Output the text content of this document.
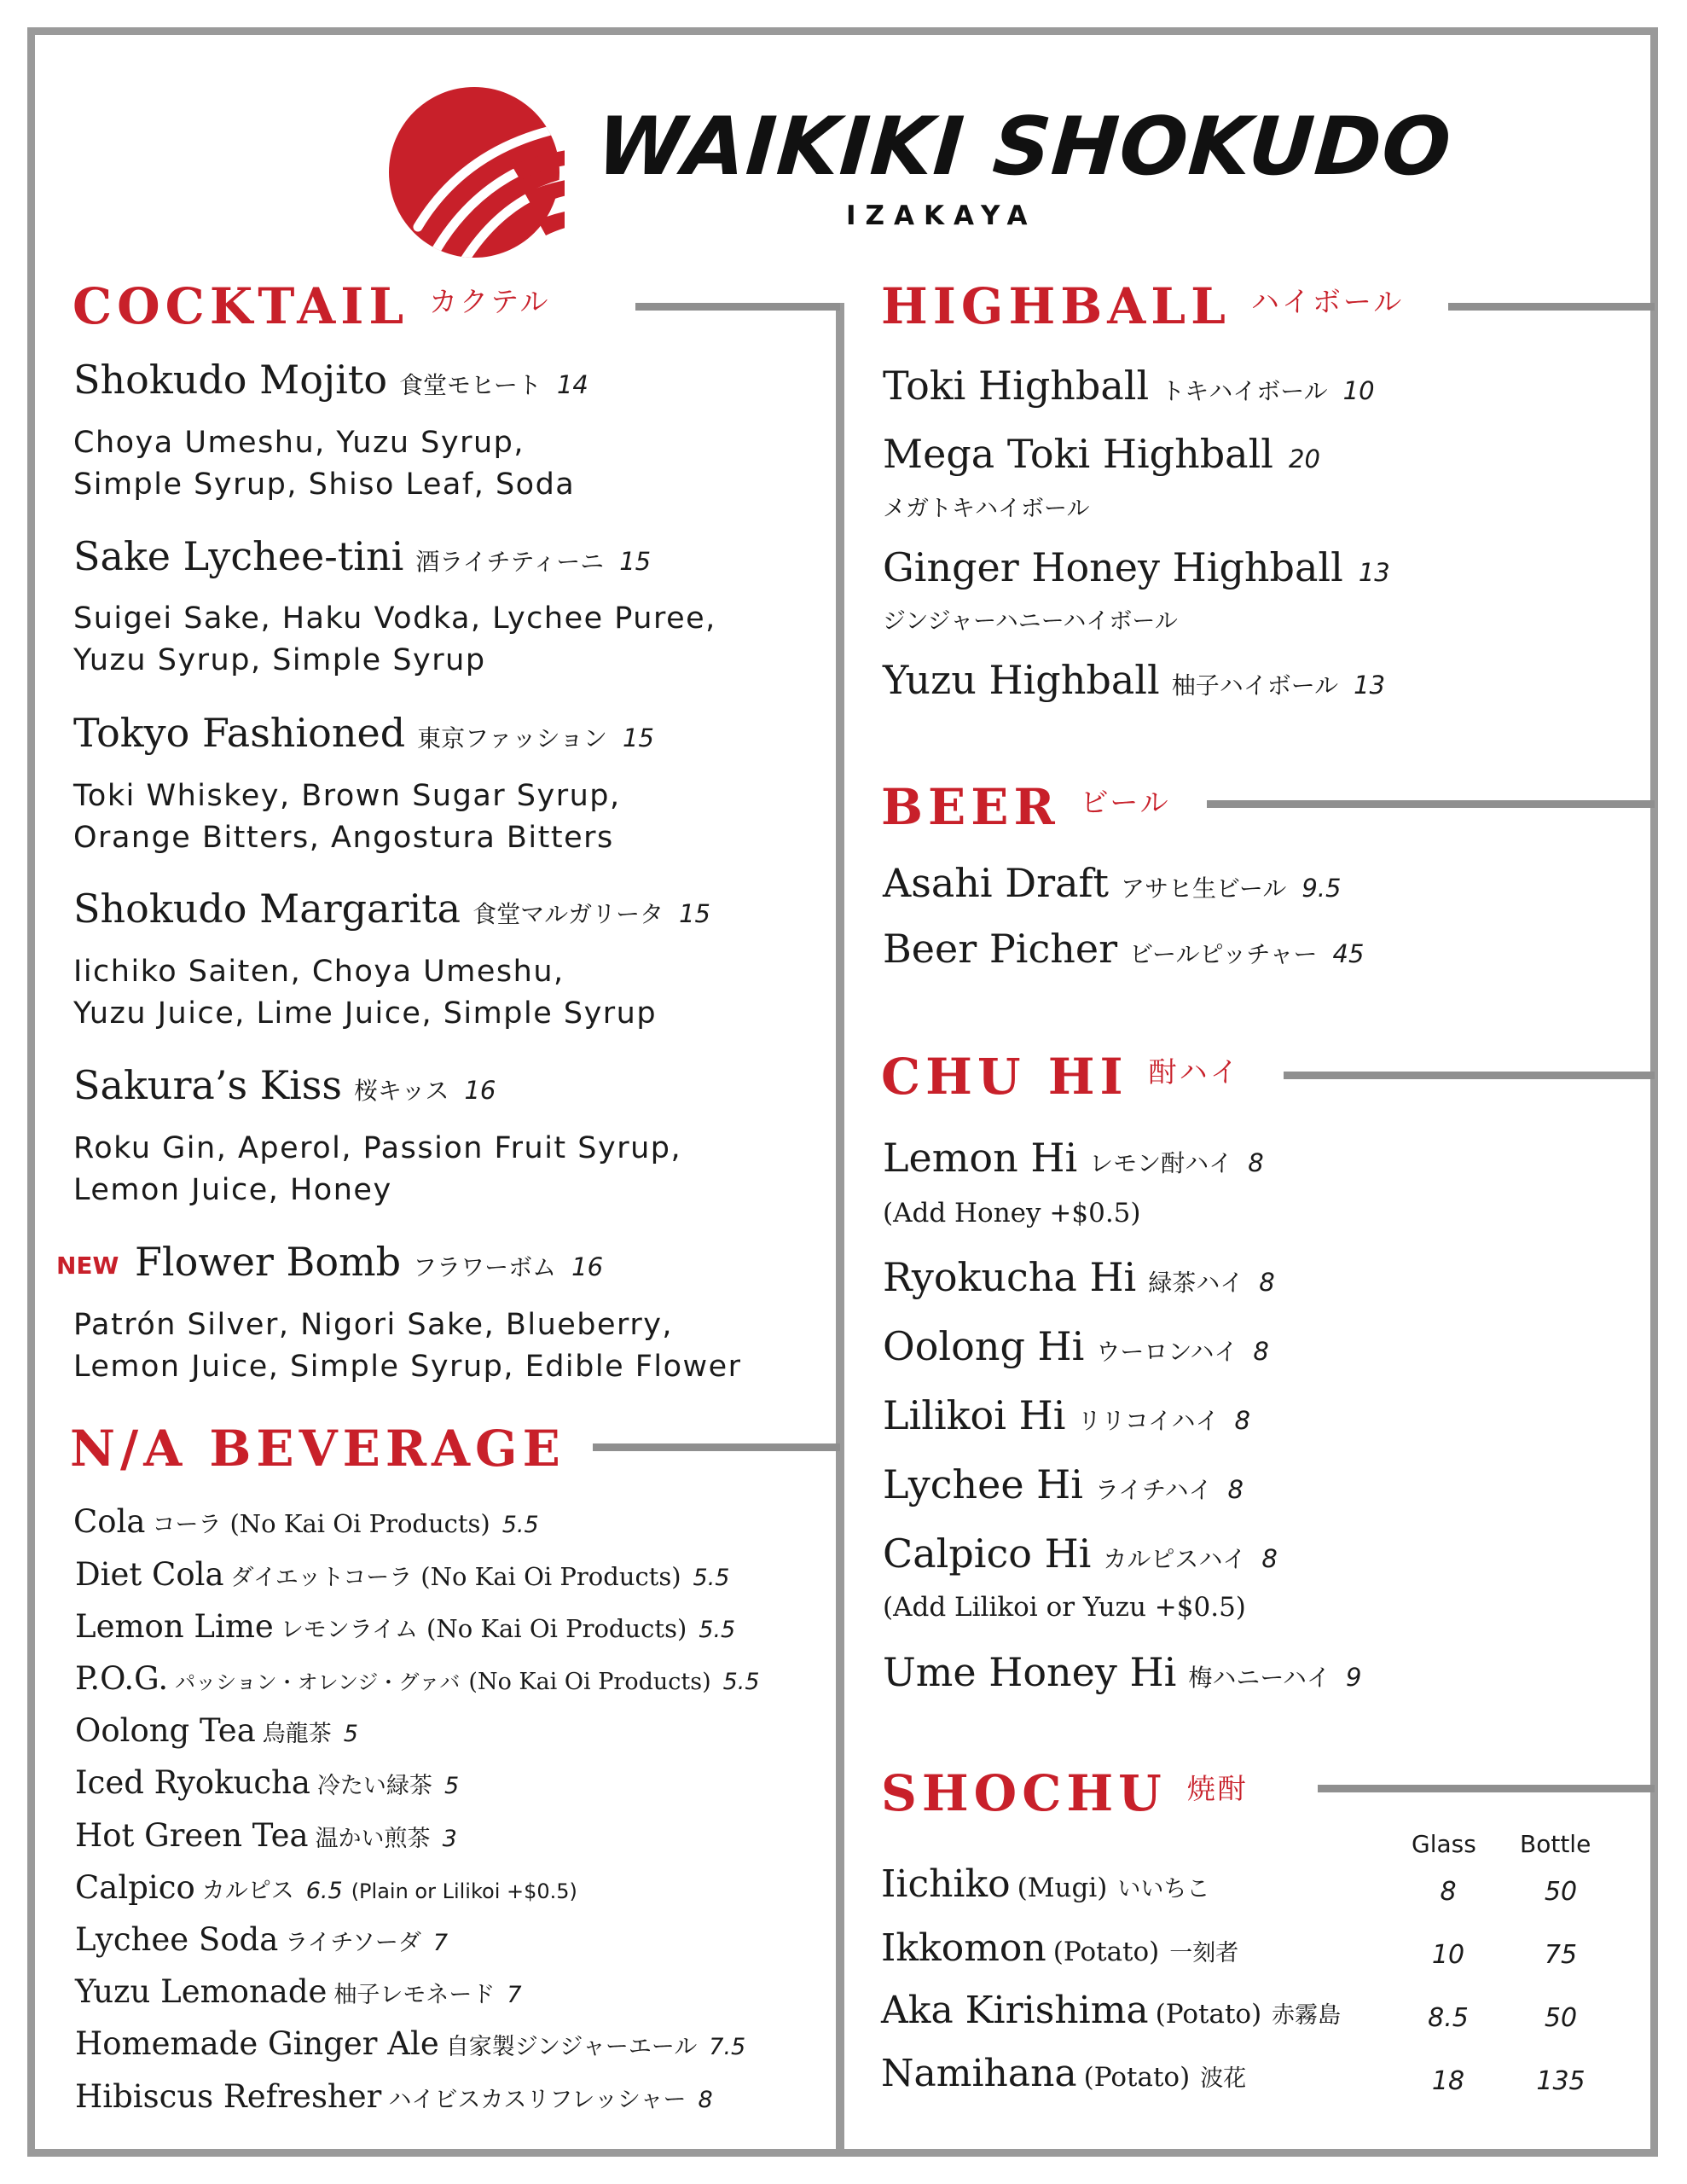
WAIKIKI SHOKUDO
IZAKAYA
COCKTAIL $^{カクテル}$
Shokudo Mojito 食堂モヒート 14
Choya Umeshu, Yuzu Syrup,
Simple Syrup, Shiso Leaf, Soda
Sake Lychee-tini 酒ライチティーニ 15
Suigei Sake, Haku Vodka, Lychee Puree,
Yuzu Syrup, Simple Syrup
Tokyo Fashioned 東京ファッション 15
Toki Whiskey, Brown Sugar Syrup,
Orange Bitters, Angostura Bitters
Shokudo Margarita 食堂マルガリータ 15
Iichiko Saiten, Choya Umeshu,
Yuzu Juice, Lime Juice, Simple Syrup
Sakura’s Kiss 桜キッス 16
Roku Gin, Aperol, Passion Fruit Syrup,
Lemon Juice, Honey
NEW Flower Bomb フラワーボム 16
Patrón Silver, Nigori Sake, Blueberry,
Lemon Juice, Simple Syrup, Edible Flower
N/A BEVERAGE
Cola コーラ (No Kai Oi Products) 5.5
Diet Cola ダイエットコーラ (No Kai Oi Products) 5.5
Lemon Lime レモンライム (No Kai Oi Products) 5.5
P.O.G. パッション・オレンジ・グァバ (No Kai Oi Products) 5.5
Oolong Tea 烏龍茶 5
Iced Ryokucha 冷たい緑茶 5
Hot Green Tea 温かい煎茶 3
Calpico カルピス 6.5 (Plain or Lilikoi +$0.5)
Lychee Soda ライチソーダ 7
Yuzu Lemonade 柚子レモネード 7
Homemade Ginger Ale 自家製ジンジャーエール 7.5
Hibiscus Refresher ハイビスカスリフレッシャー 8
HIGHBALL $^{ハイボール}$
Toki Highball トキハイボール 10
Mega Toki Highball 20
メガトキハイボール
Ginger Honey Highball 13
ジンジャーハニーハイボール
Yuzu Highball 柚子ハイボール 13
BEER $^{ビール}$
Asahi Draft アサヒ生ビール 9.5
Beer Picher ビールピッチャー 45
CHU HI $^{酎ハイ}$
Lemon Hi レモン酎ハイ 8
(Add Honey +$0.5)
Ryokucha Hi 緑茶ハイ 8
Oolong Hi ウーロンハイ 8
Lilikoi Hi リリコイハイ 8
Lychee Hi ライチハイ 8
Calpico Hi カルピスハイ 8
(Add Lilikoi or Yuzu +$0.5)
Ume Honey Hi 梅ハニーハイ 9
SHOCHU $^{焼酎}$
Glass Bottle
Iichiko (Mugi) いいちこ	8	50
Ikkomon (Potato) 一刻者	10	75
Aka Kirishima (Potato) 赤霧島	8.5	50
Namihana (Potato) 波花	18	135
